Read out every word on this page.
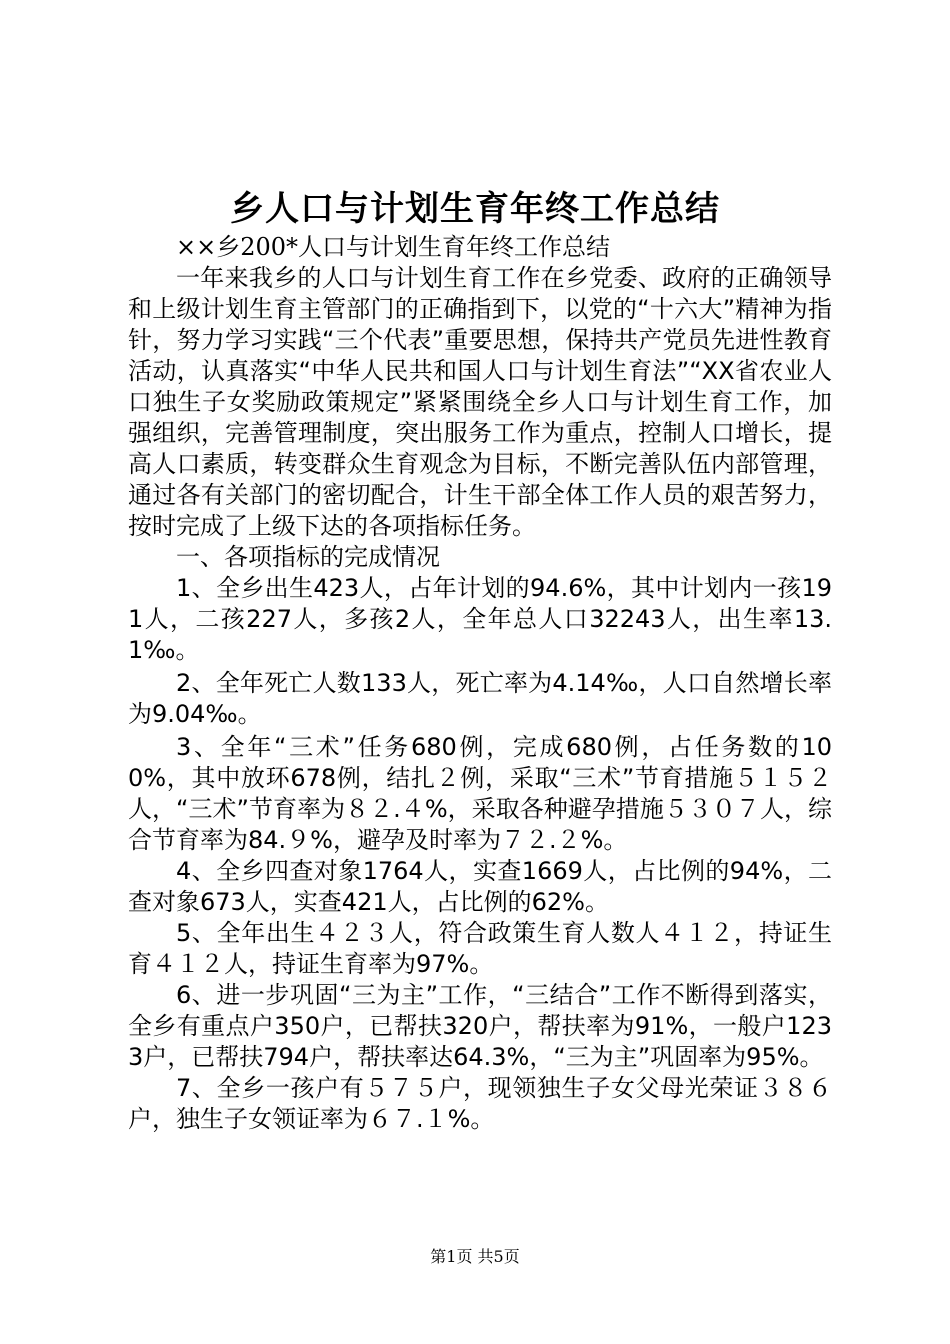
乡人口与计划生育年终工作总结

××乡200*人口与计划生育年终工作总结

一年来我乡的人口与计划生育工作在乡党委、政府的正确领导和上级计划生育主管部门的正确指到下，以党的“十六大”精神为指针，努力学习实践“三个代表”重要思想，保持共产党员先进性教育活动，认真落实“中华人民共和国人口与计划生育法”“XX省农业人口独生子女奖励政策规定”紧紧围绕全乡人口与计划生育工作，加强组织，完善管理制度，突出服务工作为重点，控制人口增长，提高人口素质，转变群众生育观念为目标，不断完善队伍内部管理，通过各有关部门的密切配合，计生干部全体工作人员的艰苦努力，按时完成了上级下达的各项指标任务。

一、各项指标的完成情况

1、全乡出生423人，占年计划的94.6%，其中计划内一孩191人，二孩227人，多孩2人，全年总人口32243人，出生率13.1‰。

2、全年死亡人数133人，死亡率为4.14‰，人口自然增长率为9.04‰。

3、全年“三术”任务680例，完成680例，占任务数的100%，其中放环678例，结扎２例，采取“三术”节育措施５１５２人，“三术”节育率为８２.４%，采取各种避孕措施５３０７人，综合节育率为84.９%，避孕及时率为７２.２%。

4、全乡四查对象1764人，实查1669人，占比例的94%，二查对象673人，实查421人，占比例的62%。

5、全年出生４２３人，符合政策生育人数人４１２，持证生育４１２人，持证生育率为97%。

6、进一步巩固“三为主”工作，“三结合”工作不断得到落实，全乡有重点户350户，已帮扶320户，帮扶率为91%，一般户1233户，已帮扶794户，帮扶率达64.3%，“三为主”巩固率为95%。

7、全乡一孩户有５７５户，现领独生子女父母光荣证３８６户，独生子女领证率为６７.１%。

第1页 共5页
